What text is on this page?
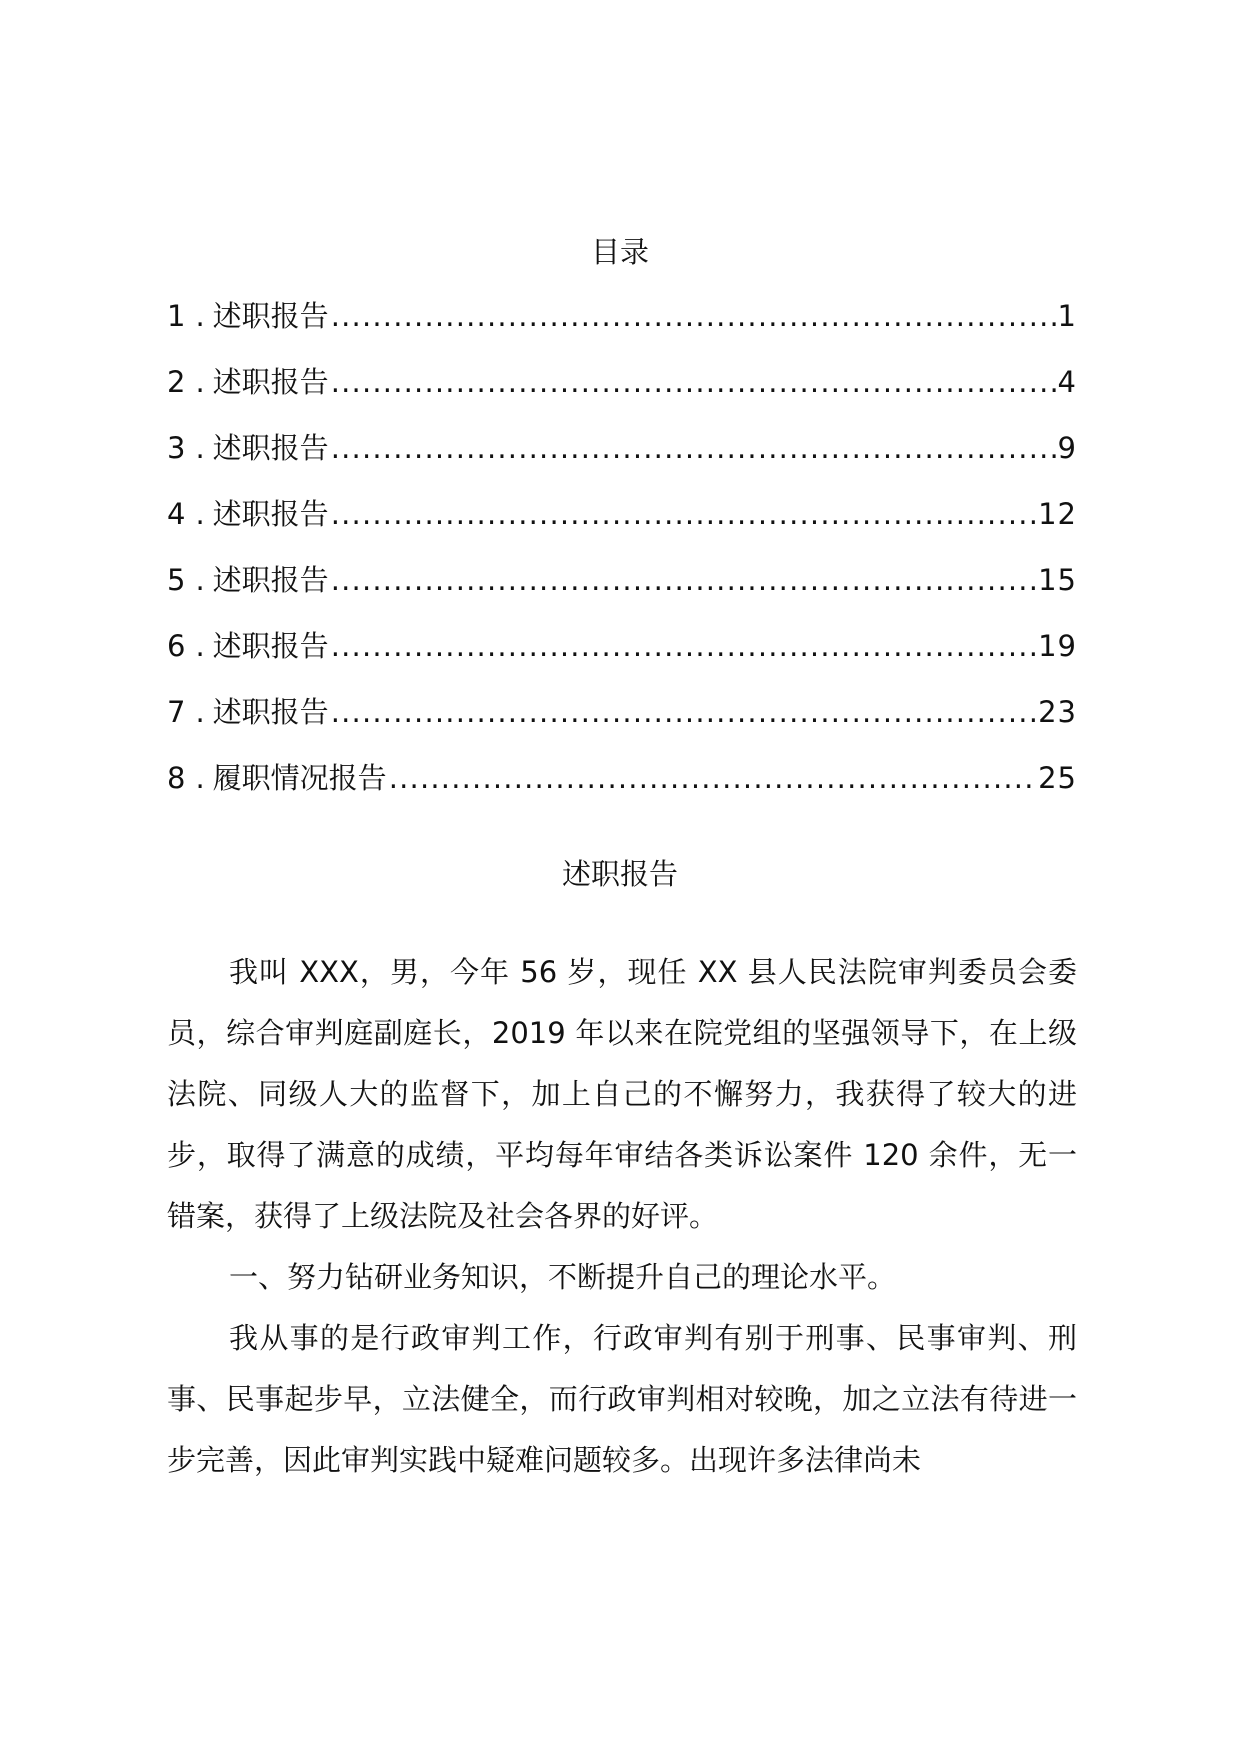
目录
1 . 述职报告 .....	1
2 . 述职报告 .....	4
3 . 述职报告 .....	9
4 . 述职报告 .....	12
5 . 述职报告 .....	15
6 . 述职报告 .....	19
7 . 述职报告 .....	23
8 . 履职情况报告 .....	25
述职报告

我叫 XXX，男，今年 56 岁，现任 XX 县人民法院审判委员会委员，综合审判庭副庭长，2019 年以来在院党组的坚强领导下，在上级法院、同级人大的监督下，加上自己的不懈努力，我获得了较大的进步，取得了满意的成绩，平均每年审结各类诉讼案件 120 余件，无一错案，获得了上级法院及社会各界的好评。

一、努力钻研业务知识，不断提升自己的理论水平。

我从事的是行政审判工作，行政审判有别于刑事、民事审判、刑事、民事起步早，立法健全，而行政审判相对较晚，加之立法有待进一步完善，因此审判实践中疑难问题较多。出现许多法律尚未
